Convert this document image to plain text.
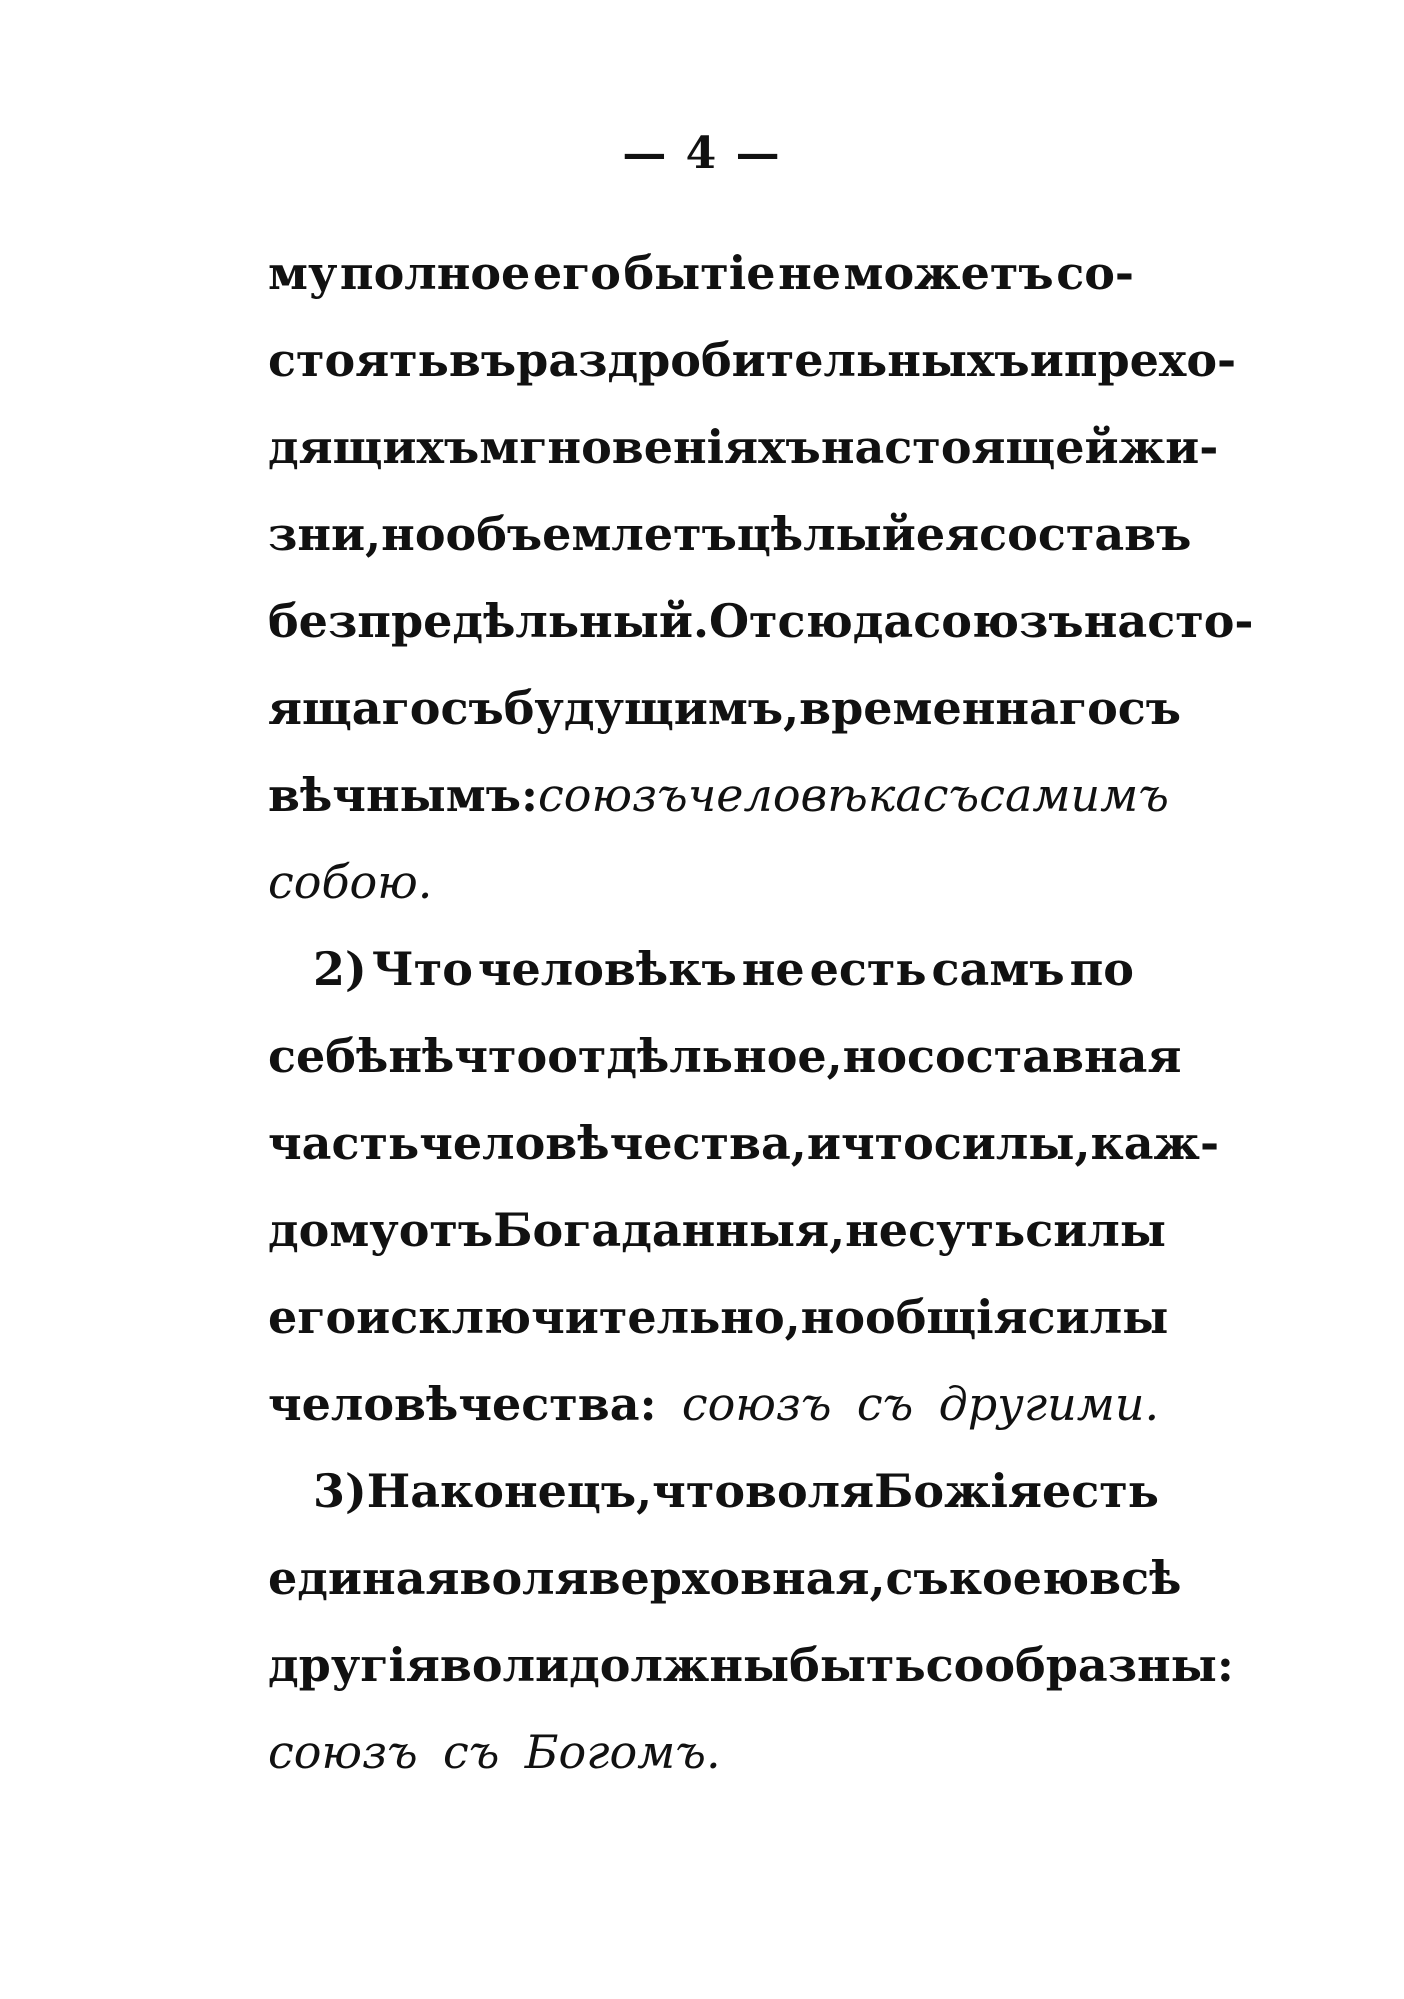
— 4 —
му полное его бытіе не можетъ со-
стоять въ раздробительныхъ и прехо-
дящихъ мгновеніяхъ настоящей жи-
зни, но объемлетъ цѣлый ея составъ
безпредѣльный. Отсюда союзъ насто-
ящаго съ будущимъ, временнаго съ
вѣчнымъ: союзъ человѣка съ самимъ
собою.
2) Что человѣкъ не есть самъ по
себѣ нѣчто отдѣльное, но составная
часть человѣчества, и что силы, каж-
дому отъ Бога данныя, не суть силы
его исключительно, но общія силы
человѣчества: союзъ съ другими.
3) Наконецъ, что воля Божія есть
единая воля верховная, съ коею всѣ
другія воли должны быть сообразны:
союзъ съ Богомъ.
